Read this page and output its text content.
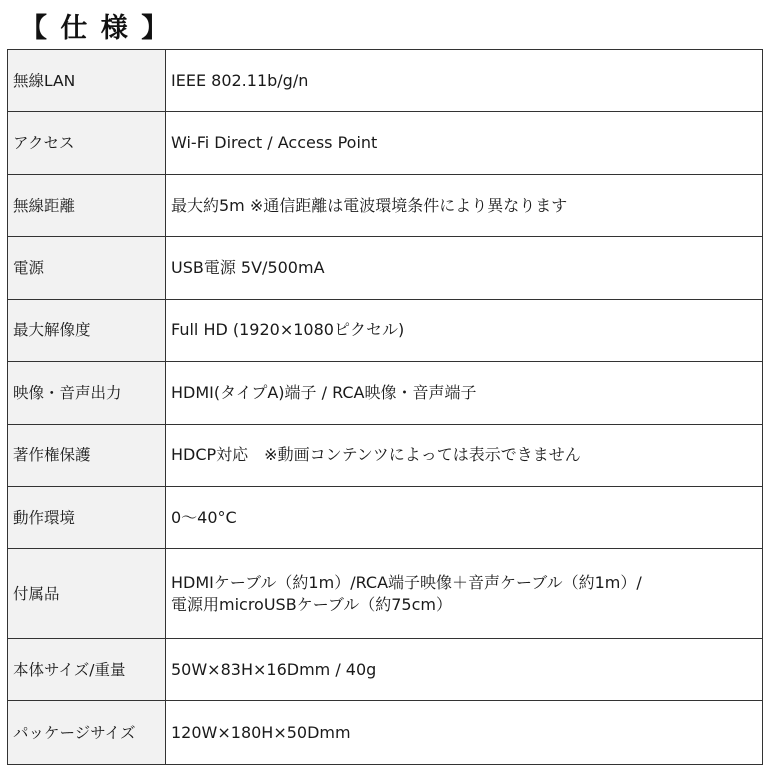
【 仕 様 】
無線LAN	IEEE 802.11b/g/n

アクセス	Wi-Fi Direct / Access Point

無線距離	最大約5m ※通信距離は電波環境条件により異なります

電源	USB電源 5V/500mA

最大解像度	Full HD (1920×1080ピクセル)

映像・音声出力	HDMI(タイプA)端子 / RCA映像・音声端子

著作権保護	HDCP対応　※動画コンテンツによっては表示できません

動作環境	0〜40°C

付属品	HDMIケーブル（約1m）/RCA端子映像＋音声ケーブル（約1m）/
電源用microUSBケーブル（約75cm）

本体サイズ/重量	50W×83H×16Dmm / 40g

パッケージサイズ	120W×180H×50Dmm
